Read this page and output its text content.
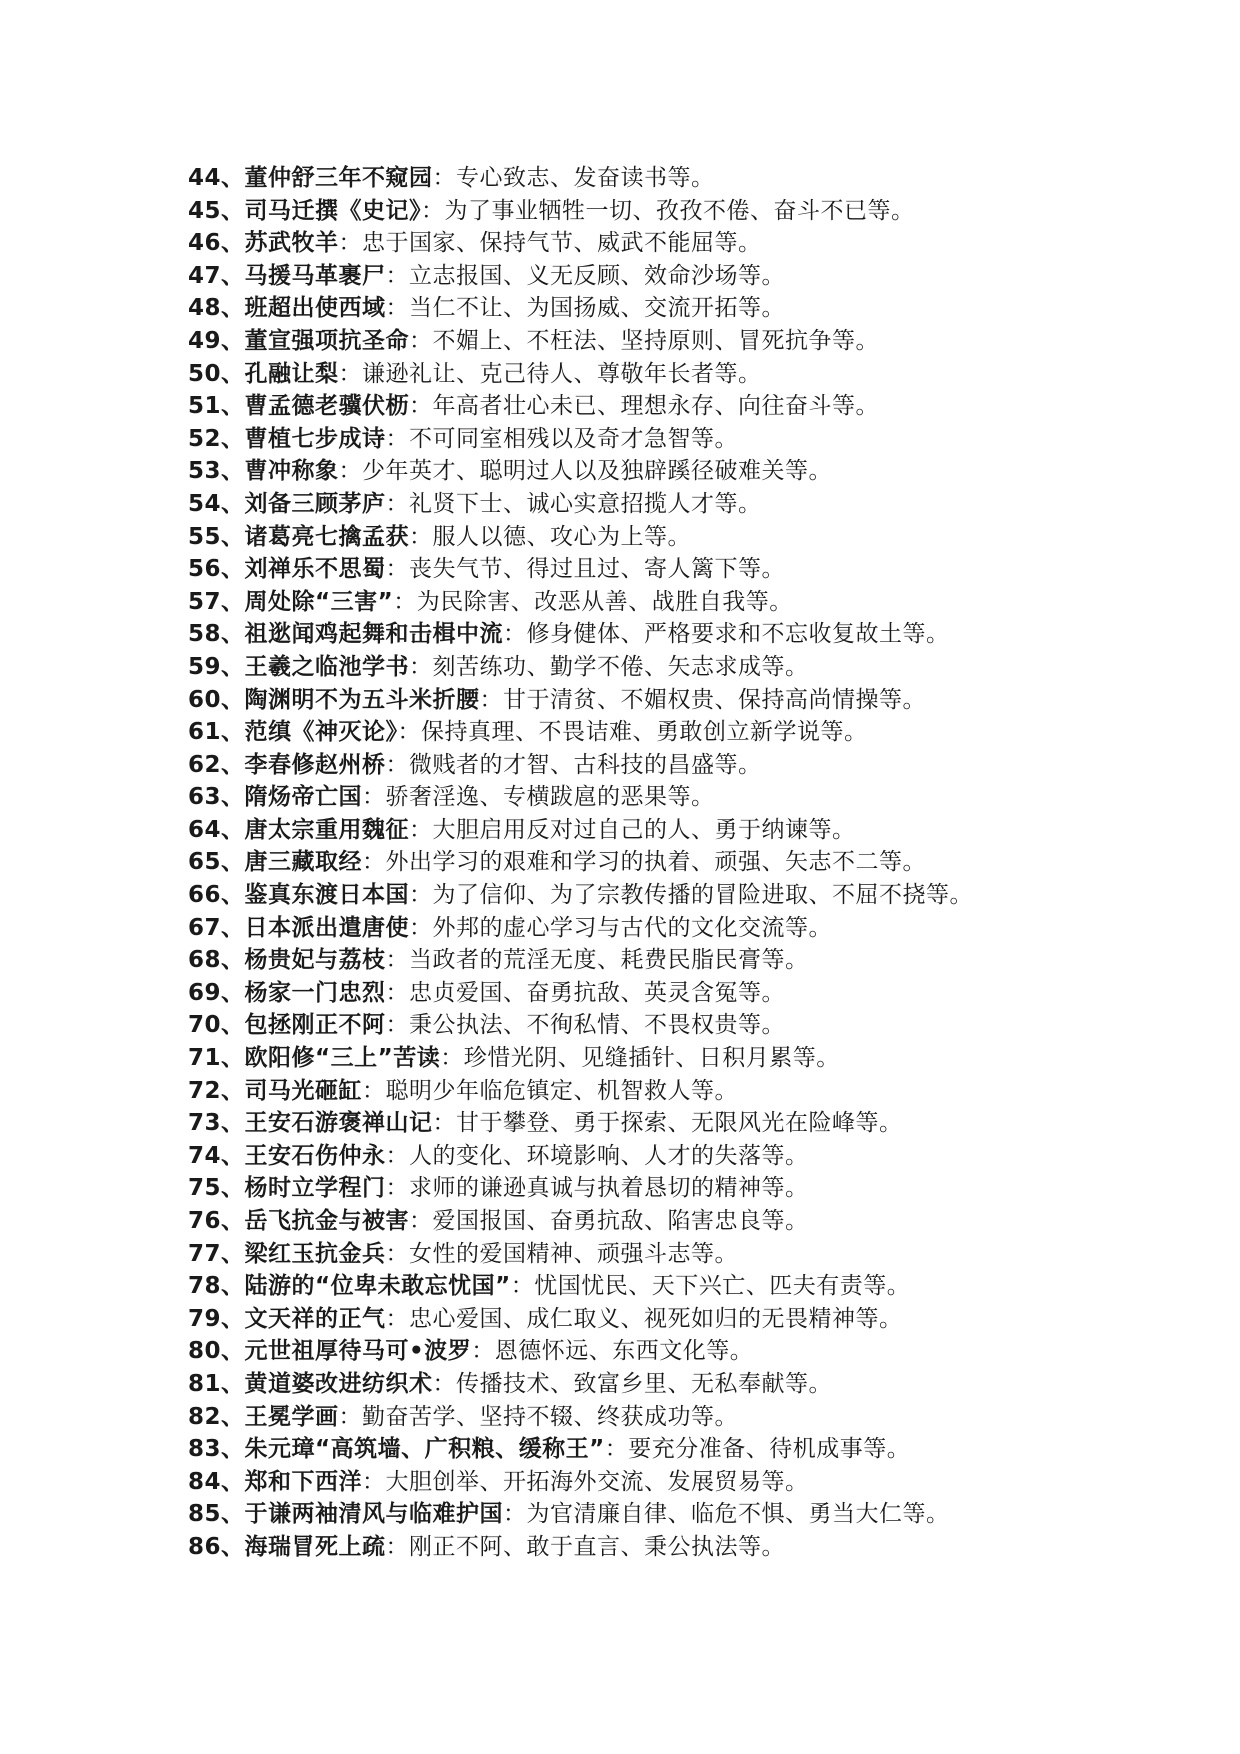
44、董仲舒三年不窥园：专心致志、发奋读书等。
45、司马迁撰《史记》：为了事业牺牲一切、孜孜不倦、奋斗不已等。
46、苏武牧羊：忠于国家、保持气节、威武不能屈等。
47、马援马革裹尸：立志报国、义无反顾、效命沙场等。
48、班超出使西域：当仁不让、为国扬威、交流开拓等。
49、董宣强项抗圣命：不媚上、不枉法、坚持原则、冒死抗争等。
50、孔融让梨：谦逊礼让、克己待人、尊敬年长者等。
51、曹孟德老骥伏枥：年高者壮心未已、理想永存、向往奋斗等。
52、曹植七步成诗：不可同室相残以及奇才急智等。
53、曹冲称象：少年英才、聪明过人以及独辟蹊径破难关等。
54、刘备三顾茅庐：礼贤下士、诚心实意招揽人才等。
55、诸葛亮七擒孟获：服人以德、攻心为上等。
56、刘禅乐不思蜀：丧失气节、得过且过、寄人篱下等。
57、周处除“三害”：为民除害、改恶从善、战胜自我等。
58、祖逖闻鸡起舞和击楫中流：修身健体、严格要求和不忘收复故土等。
59、王羲之临池学书：刻苦练功、勤学不倦、矢志求成等。
60、陶渊明不为五斗米折腰：甘于清贫、不媚权贵、保持高尚情操等。
61、范缜《神灭论》：保持真理、不畏诘难、勇敢创立新学说等。
62、李春修赵州桥：微贱者的才智、古科技的昌盛等。
63、隋炀帝亡国：骄奢淫逸、专横跋扈的恶果等。
64、唐太宗重用魏征：大胆启用反对过自己的人、勇于纳谏等。
65、唐三藏取经：外出学习的艰难和学习的执着、顽强、矢志不二等。
66、鉴真东渡日本国：为了信仰、为了宗教传播的冒险进取、不屈不挠等。
67、日本派出遣唐使：外邦的虚心学习与古代的文化交流等。
68、杨贵妃与荔枝：当政者的荒淫无度、耗费民脂民膏等。
69、杨家一门忠烈：忠贞爱国、奋勇抗敌、英灵含冤等。
70、包拯刚正不阿：秉公执法、不徇私情、不畏权贵等。
71、欧阳修“三上”苦读：珍惜光阴、见缝插针、日积月累等。
72、司马光砸缸：聪明少年临危镇定、机智救人等。
73、王安石游褒禅山记：甘于攀登、勇于探索、无限风光在险峰等。
74、王安石伤仲永：人的变化、环境影响、人才的失落等。
75、杨时立学程门：求师的谦逊真诚与执着恳切的精神等。
76、岳飞抗金与被害：爱国报国、奋勇抗敌、陷害忠良等。
77、梁红玉抗金兵：女性的爱国精神、顽强斗志等。
78、陆游的“位卑未敢忘忧国”：忧国忧民、天下兴亡、匹夫有责等。
79、文天祥的正气：忠心爱国、成仁取义、视死如归的无畏精神等。
80、元世祖厚待马可•波罗：恩德怀远、东西文化等。
81、黄道婆改进纺织术：传播技术、致富乡里、无私奉献等。
82、王冕学画：勤奋苦学、坚持不辍、终获成功等。
83、朱元璋“高筑墙、广积粮、缓称王”：要充分准备、待机成事等。
84、郑和下西洋：大胆创举、开拓海外交流、发展贸易等。
85、于谦两袖清风与临难护国：为官清廉自律、临危不惧、勇当大仁等。
86、海瑞冒死上疏：刚正不阿、敢于直言、秉公执法等。
